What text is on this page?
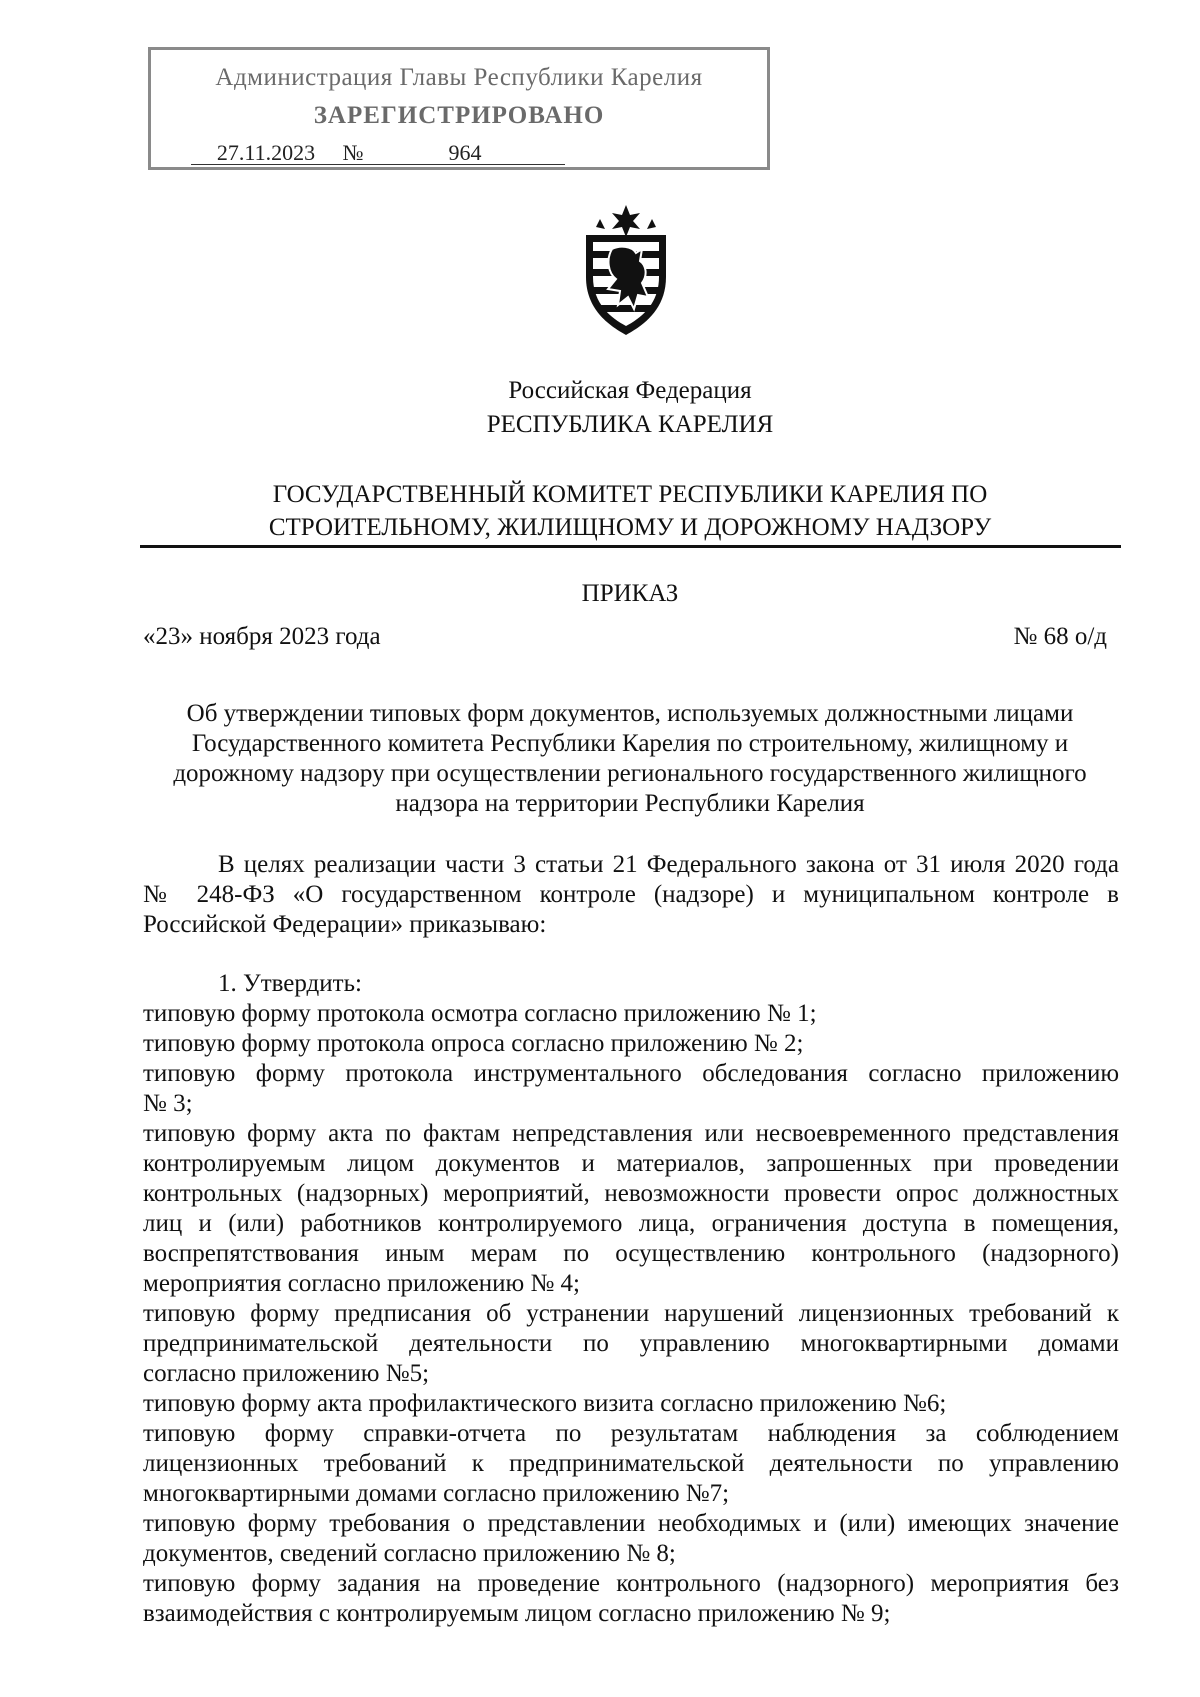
Администрация Главы Республики Карелия
ЗАРЕГИСТРИРОВАНО
27.11.2023 №	964
Российская Федерация
РЕСПУБЛИКА КАРЕЛИЯ
ГОСУДАРСТВЕННЫЙ КОМИТЕТ РЕСПУБЛИКИ КАРЕЛИЯ ПО
СТРОИТЕЛЬНОМУ, ЖИЛИЩНОМУ И ДОРОЖНОМУ НАДЗОРУ
ПРИКАЗ
«23» ноября 2023 года	№ 68 о/д
Об утверждении типовых форм документов, используемых должностными лицами
Государственного комитета Республики Карелия по строительному, жилищному и
дорожному надзору при осуществлении регионального государственного жилищного
надзора на территории Республики Карелия
В целях реализации части 3 статьи 21 Федерального закона от 31 июля 2020 года
№ 248-ФЗ «О государственном контроле (надзоре) и муниципальном контроле в
Российской Федерации» приказываю:
1. Утвердить:
типовую форму протокола осмотра согласно приложению № 1;
типовую форму протокола опроса согласно приложению № 2;
типовую форму протокола инструментального обследования согласно приложению
№ 3;
типовую форму акта по фактам непредставления или несвоевременного представления
контролируемым лицом документов и материалов, запрошенных при проведении
контрольных (надзорных) мероприятий, невозможности провести опрос должностных
лиц и (или) работников контролируемого лица, ограничения доступа в помещения,
воспрепятствования иным мерам по осуществлению контрольного (надзорного)
мероприятия согласно приложению № 4;
типовую форму предписания об устранении нарушений лицензионных требований к
предпринимательской деятельности по управлению многоквартирными домами
согласно приложению №5;
типовую форму акта профилактического визита согласно приложению №6;
типовую форму справки-отчета по результатам наблюдения за соблюдением
лицензионных требований к предпринимательской деятельности по управлению
многоквартирными домами согласно приложению №7;
типовую форму требования о представлении необходимых и (или) имеющих значение
документов, сведений согласно приложению № 8;
типовую форму задания на проведение контрольного (надзорного) мероприятия без
взаимодействия с контролируемым лицом согласно приложению № 9;
